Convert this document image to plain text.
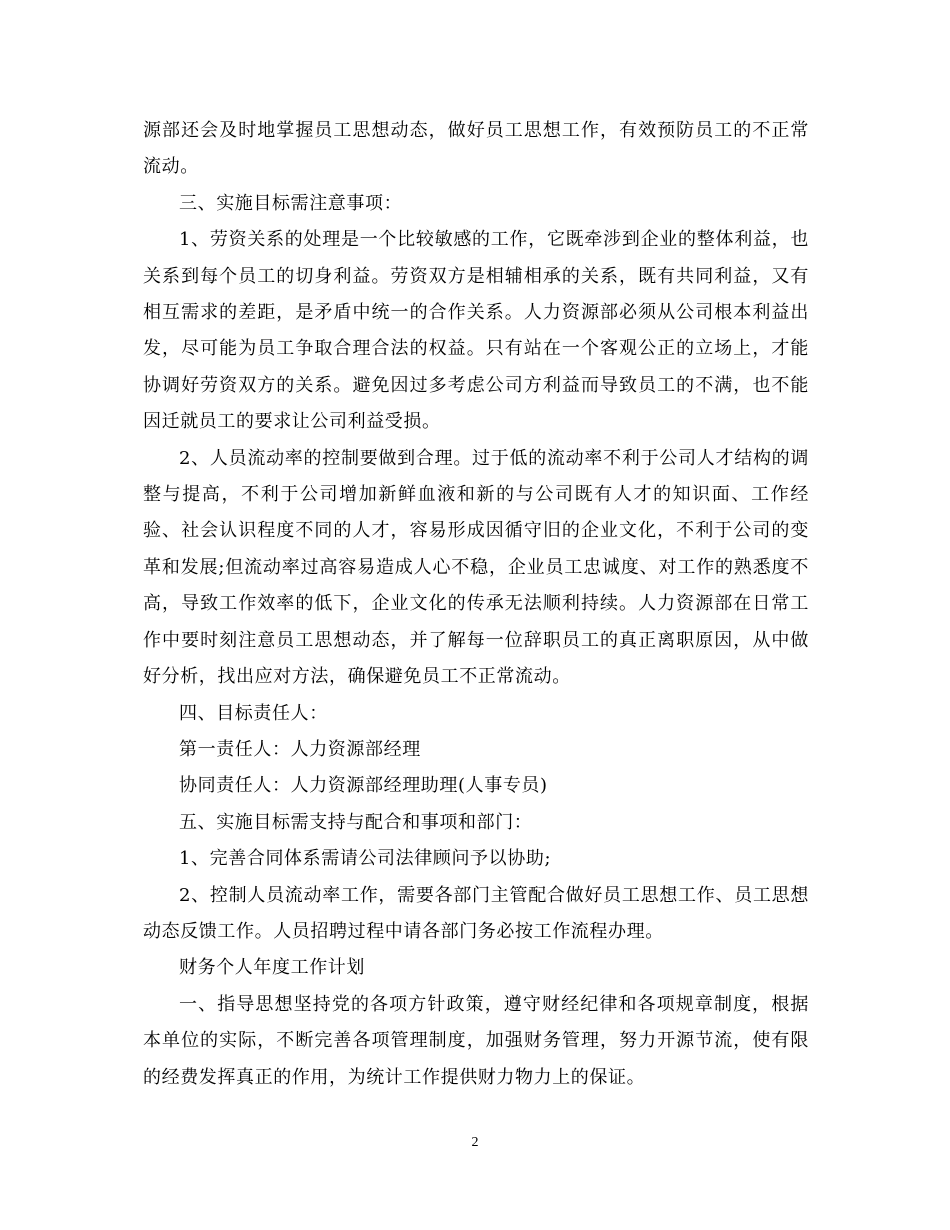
源部还会及时地掌握员工思想动态，做好员工思想工作，有效预防员工的不正常流动。

三、实施目标需注意事项：

1、劳资关系的处理是一个比较敏感的工作，它既牵涉到企业的整体利益，也关系到每个员工的切身利益。劳资双方是相辅相承的关系，既有共同利益，又有相互需求的差距，是矛盾中统一的合作关系。人力资源部必须从公司根本利益出发，尽可能为员工争取合理合法的权益。只有站在一个客观公正的立场上，才能协调好劳资双方的关系。避免因过多考虑公司方利益而导致员工的不满，也不能因迁就员工的要求让公司利益受损。

2、人员流动率的控制要做到合理。过于低的流动率不利于公司人才结构的调整与提高，不利于公司增加新鲜血液和新的与公司既有人才的知识面、工作经验、社会认识程度不同的人才，容易形成因循守旧的企业文化，不利于公司的变革和发展;但流动率过高容易造成人心不稳，企业员工忠诚度、对工作的熟悉度不高，导致工作效率的低下，企业文化的传承无法顺利持续。人力资源部在日常工作中要时刻注意员工思想动态，并了解每一位辞职员工的真正离职原因，从中做好分析，找出应对方法，确保避免员工不正常流动。

四、目标责任人：

第一责任人：人力资源部经理

协同责任人：人力资源部经理助理(人事专员)

五、实施目标需支持与配合和事项和部门：

1、完善合同体系需请公司法律顾问予以协助;

2、控制人员流动率工作，需要各部门主管配合做好员工思想工作、员工思想动态反馈工作。人员招聘过程中请各部门务必按工作流程办理。

财务个人年度工作计划

一、指导思想坚持党的各项方针政策，遵守财经纪律和各项规章制度，根据本单位的实际，不断完善各项管理制度，加强财务管理，努力开源节流，使有限的经费发挥真正的作用，为统计工作提供财力物力上的保证。

2
